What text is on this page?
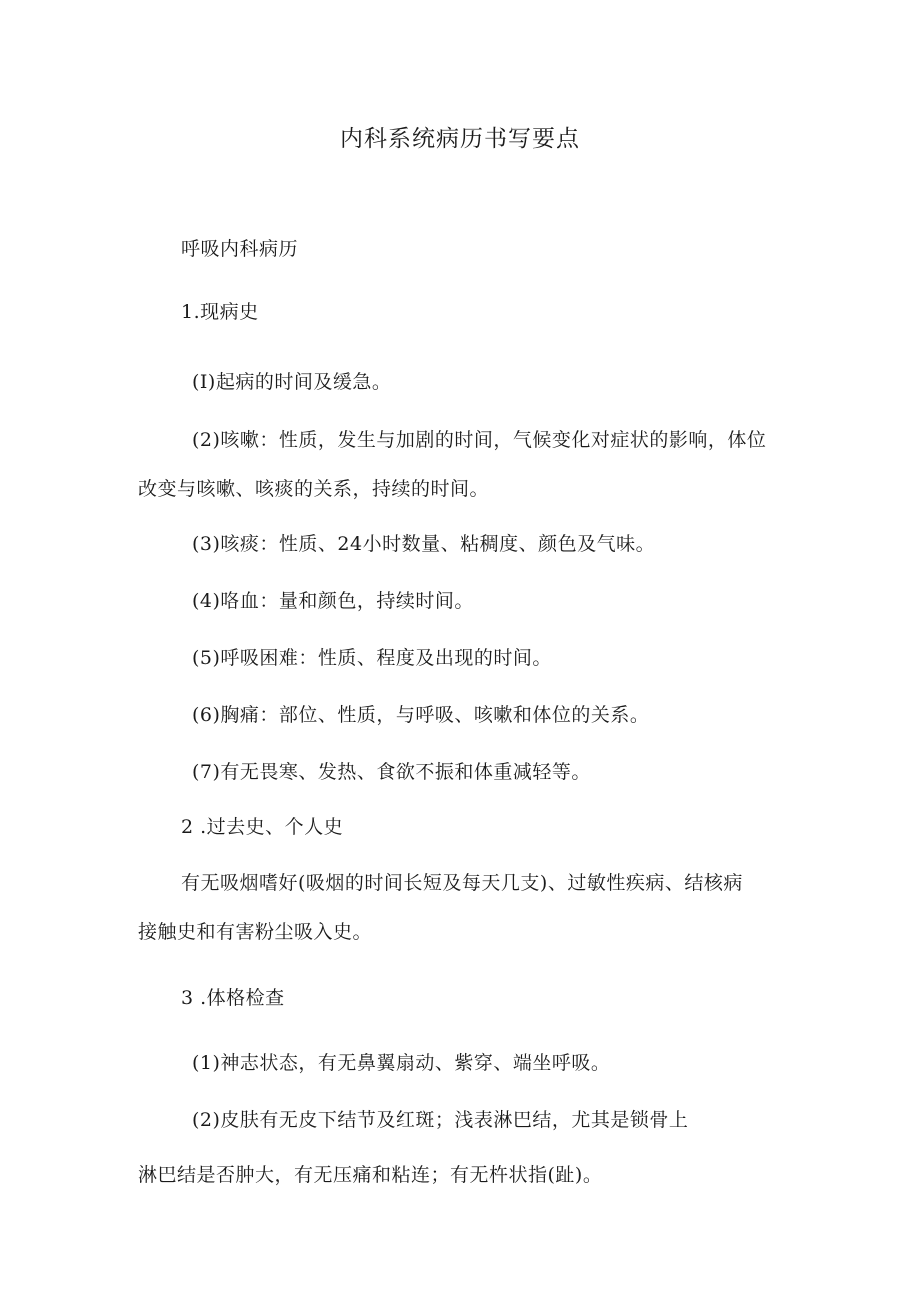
内科系统病历书写要点
呼吸内科病历
1.现病史
(I)起病的时间及缓急。
(2)咳嗽：性质，发生与加剧的时间，气候变化对症状的影响，体位
改变与咳嗽、咳痰的关系，持续的时间。
(3)咳痰：性质、24小时数量、粘稠度、颜色及气味。
(4)咯血：量和颜色，持续时间。
(5)呼吸困难：性质、程度及出现的时间。
(6)胸痛：部位、性质，与呼吸、咳嗽和体位的关系。
(7)有无畏寒、发热、食欲不振和体重减轻等。
2 .过去史、个人史
有无吸烟嗜好(吸烟的时间长短及每天几支)、过敏性疾病、结核病
接触史和有害粉尘吸入史。
3 .体格检查
(1)神志状态，有无鼻翼扇动、紫穿、端坐呼吸。
(2)皮肤有无皮下结节及红斑；浅表淋巴结，尤其是锁骨上
淋巴结是否肿大，有无压痛和粘连；有无杵状指(趾)。
